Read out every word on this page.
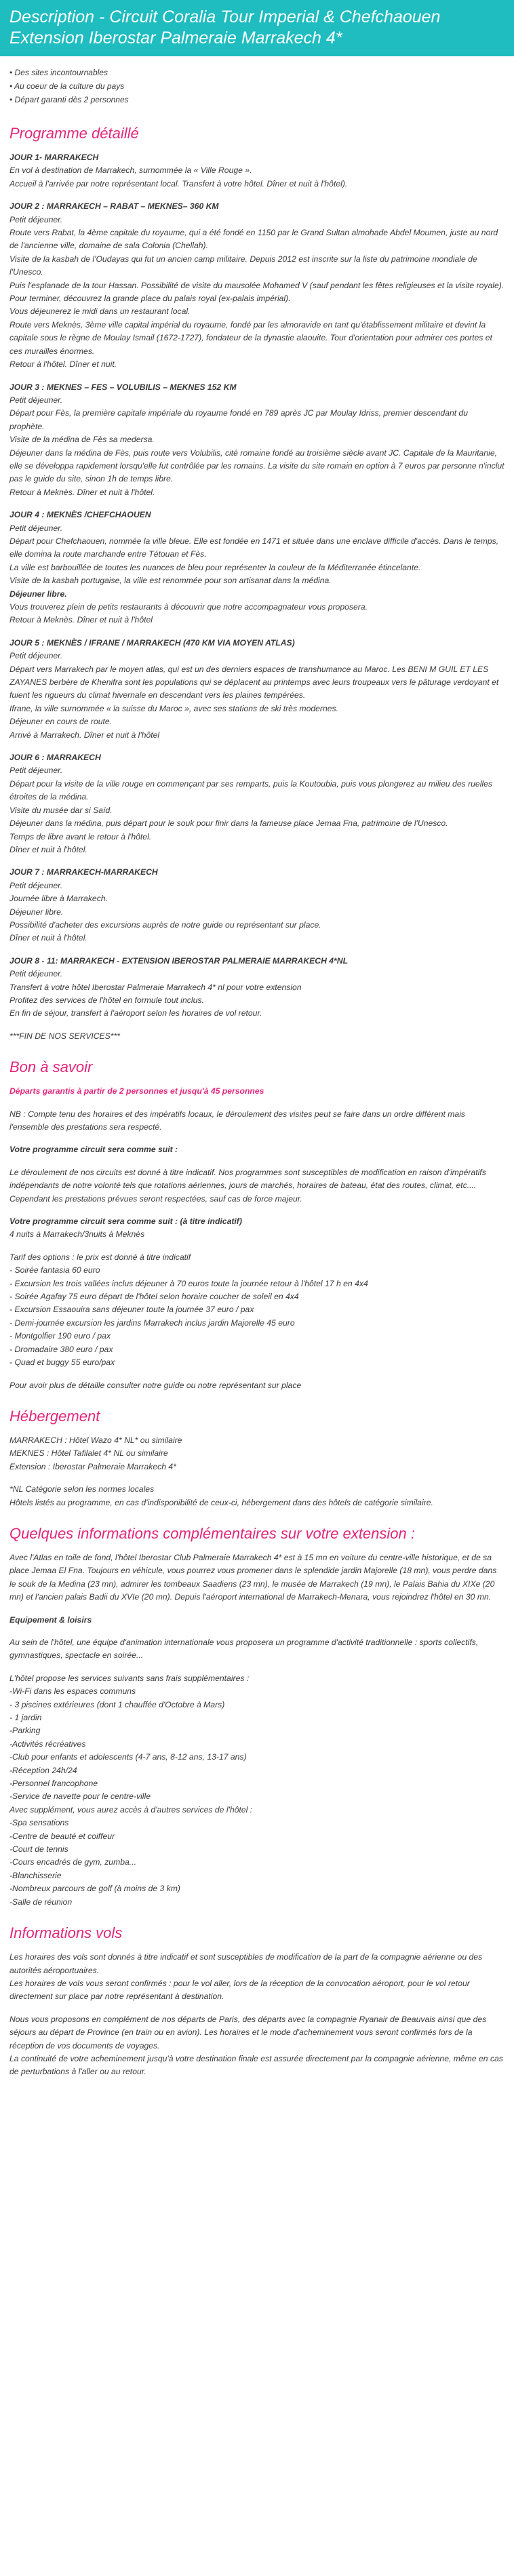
Description - Circuit Coralia Tour Imperial & Chefchaouen Extension Iberostar Palmeraie Marrakech 4*
• Des sites incontournables
• Au coeur de la culture du pays
• Départ garanti dès 2 personnes
Programme détaillé
JOUR 1- MARRAKECH
En vol à destination de Marrakech, surnommée la « Ville Rouge ».
Accueil à l'arrivée par notre représentant local. Transfert à votre hôtel. Dîner et nuit à l'hôtel).
JOUR 2 : MARRAKECH – RABAT – MEKNES– 360 KM
Petit déjeuner.
Route vers Rabat, la 4ème capitale du royaume, qui a été fondé en 1150 par le Grand Sultan almohade Abdel Moumen, juste au nord de l'ancienne ville, domaine de sala Colonia (Chellah).
Visite de la kasbah de l'Oudayas qui fut un ancien camp militaire. Depuis 2012 est inscrite sur la liste du patrimoine mondiale de l'Unesco.
Puis l'esplanade de la tour Hassan. Possibilité de visite du mausolée Mohamed V (sauf pendant les fêtes religieuses et la visite royale). Pour terminer, découvrez la grande place du palais royal (ex-palais impérial).
Vous déjeunerez le midi dans un restaurant local.
Route vers Meknès, 3ème ville capital impérial du royaume, fondé par les almoravide en tant qu'établissement militaire et devint la capitale sous le règne de Moulay Ismail (1672-1727), fondateur de la dynastie alaouite. Tour d'orientation pour admirer ces portes et ces murailles énormes.
Retour à l'hôtel. Dîner et nuit.
JOUR 3 : MEKNES – FES – VOLUBILIS – MEKNES 152 KM
Petit déjeuner.
Départ pour Fès, la première capitale impériale du royaume fondé en 789 après JC par Moulay Idriss, premier descendant du prophète.
Visite de la médina de Fès sa medersa.
Déjeuner dans la médina de Fès, puis route vers Volubilis, cité romaine fondé au troisième siècle avant JC. Capitale de la Mauritanie, elle se développa rapidement lorsqu'elle fut contrôlée par les romains. La visite du site romain en option à 7 euros par personne n'inclut pas le guide du site, sinon 1h de temps libre.
Retour à Meknès. Dîner et nuit à l'hôtel.
JOUR 4 : MEKNÈS /CHEFCHAOUEN
Petit déjeuner.
Départ pour Chefchaouen, nommée la ville bleue. Elle est fondée en 1471 et située dans une enclave difficile d'accès. Dans le temps, elle domina la route marchande entre Tétouan et Fès.
La ville est barbouillée de toutes les nuances de bleu pour représenter la couleur de la Méditerranée étincelante.
Visite de la kasbah portugaise, la ville est renommée pour son artisanat dans la médina.
Déjeuner libre.
Vous trouverez plein de petits restaurants à découvrir que notre accompagnateur vous proposera.
Retour à Meknès. Dîner et nuit à l'hôtel
JOUR 5 : MEKNÈS / IFRANE / MARRAKECH (470 KM VIA MOYEN ATLAS)
Petit déjeuner.
Départ vers Marrakech par le moyen atlas, qui est un des derniers espaces de transhumance au Maroc. Les BENI M GUIL ET LES ZAYANES berbère de Khenifra sont les populations qui se déplacent au printemps avec leurs troupeaux vers le pâturage verdoyant et fuient les rigueurs du climat hivernale en descendant vers les plaines tempérées.
Ifrane, la ville surnommée « la suisse du Maroc », avec ses stations de ski très modernes.
Déjeuner en cours de route.
Arrivé à Marrakech. Dîner et nuit à l'hôtel
JOUR 6 : MARRAKECH
Petit déjeuner.
Départ pour la visite de la ville rouge en commençant par ses remparts, puis la Koutoubia, puis vous plongerez au milieu des ruelles étroites de la médina.
Visite du musée dar si Saïd.
Déjeuner dans la médina, puis départ pour le souk pour finir dans la fameuse place Jemaa Fna, patrimoine de l'Unesco.
Temps de libre avant le retour à l'hôtel.
Dîner et nuit à l'hôtel.
JOUR 7 : MARRAKECH-MARRAKECH
Petit déjeuner.
Journée libre à Marrakech.
Déjeuner libre.
Possibilité d'acheter des excursions auprès de notre guide ou représentant sur place.
Dîner et nuit à l'hôtel.
JOUR 8 - 11: MARRAKECH - EXTENSION IBEROSTAR PALMERAIE MARRAKECH 4*NL
Petit déjeuner.
Transfert à votre hôtel Iberostar Palmeraie Marrakech 4* nl pour votre extension
Profitez des services de l'hôtel en formule tout inclus.
En fin de séjour, transfert à l'aéroport selon les horaires de vol retour.
***FIN DE NOS SERVICES***
Bon à savoir
Départs garantis à partir de 2 personnes et jusqu'à 45 personnes
NB : Compte tenu des horaires et des impératifs locaux, le déroulement des visites peut se faire dans un ordre différent mais l'ensemble des prestations sera respecté.
Votre programme circuit sera comme suit :
Le déroulement de nos circuits est donné à titre indicatif. Nos programmes sont susceptibles de modification en raison d'impératifs indépendants de notre volonté tels que rotations aériennes, jours de marchés, horaires de bateau, état des routes, climat, etc.... Cependant les prestations prévues seront respectées, sauf cas de force majeur.
Votre programme circuit sera comme suit : (à titre indicatif)
4 nuits à Marrakech/3nuits à Meknès
Tarif des options : le prix est donné à titre indicatif
- Soirée fantasia 60 euro
- Excursion les trois vallées inclus déjeuner à 70 euros toute la journée retour à l'hôtel 17 h en 4x4
- Soirée Agafay 75 euro départ de l'hôtel selon horaire coucher de soleil en 4x4
- Excursion Essaouira sans déjeuner toute la journée 37 euro / pax
- Demi-journée excursion les jardins Marrakech inclus jardin Majorelle 45 euro
- Montgolfier 190 euro / pax
- Dromadaire 380 euro / pax
- Quad et buggy 55 euro/pax
Pour avoir plus de détaille consulter notre guide ou notre représentant sur place
Hébergement
MARRAKECH : Hôtel Wazo 4* NL* ou similaire
MEKNES : Hôtel Tafilalet 4* NL ou similaire
Extension : Iberostar Palmeraie Marrakech 4*
*NL Catégorie selon les normes locales
Hôtels listés au programme, en cas d'indisponibilité de ceux-ci, hébergement dans des hôtels de catégorie similaire.
Quelques informations complémentaires sur votre extension :
Avec l'Atlas en toile de fond, l'hôtel Iberostar Club Palmeraie Marrakech 4* est à 15 mn en voiture du centre-ville historique, et de sa place Jemaa El Fna. Toujours en véhicule, vous pourrez vous promener dans le splendide jardin Majorelle (18 mn), vous perdre dans le souk de la Medina (23 mn), admirer les tombeaux Saadiens (23 mn), le musée de Marrakech (19 mn), le Palais Bahia du XIXe (20 mn) et l'ancien palais Badii du XVIe (20 mn). Depuis l'aéroport international de Marrakech-Menara, vous rejoindrez l'hôtel en 30 mn.
Equipement & loisirs
Au sein de l'hôtel, une équipe d'animation internationale vous proposera un programme d'activité traditionnelle : sports collectifs, gymnastiques, spectacle en soirée...
L'hôtel propose les services suivants sans frais supplémentaires :
-Wi-Fi dans les espaces communs
- 3 piscines extérieures (dont 1 chauffée d'Octobre à Mars)
- 1 jardin
-Parking
-Activités récréatives
-Club pour enfants et adolescents (4-7 ans, 8-12 ans, 13-17 ans)
-Réception 24h/24
-Personnel francophone
-Service de navette pour le centre-ville
Avec supplément, vous aurez accès à d'autres services de l'hôtel :
-Spa sensations
-Centre de beauté et coiffeur
-Court de tennis
-Cours encadrés de gym, zumba...
-Blanchisserie
-Nombreux parcours de golf (à moins de 3 km)
-Salle de réunion
Informations vols
Les horaires des vols sont donnés à titre indicatif et sont susceptibles de modification de la part de la compagnie aérienne ou des autorités aéroportuaires.
Les horaires de vols vous seront confirmés : pour le vol aller, lors de la réception de la convocation aéroport, pour le vol retour directement sur place par notre représentant à destination.
Nous vous proposons en complément de nos départs de Paris, des départs avec la compagnie Ryanair de Beauvais ainsi que des séjours au départ de Province (en train ou en avion). Les horaires et le mode d'acheminement vous seront confirmés lors de la réception de vos documents de voyages.
La continuité de votre acheminement jusqu'à votre destination finale est assurée directement par la compagnie aérienne, même en cas de perturbations à l'aller ou au retour.
